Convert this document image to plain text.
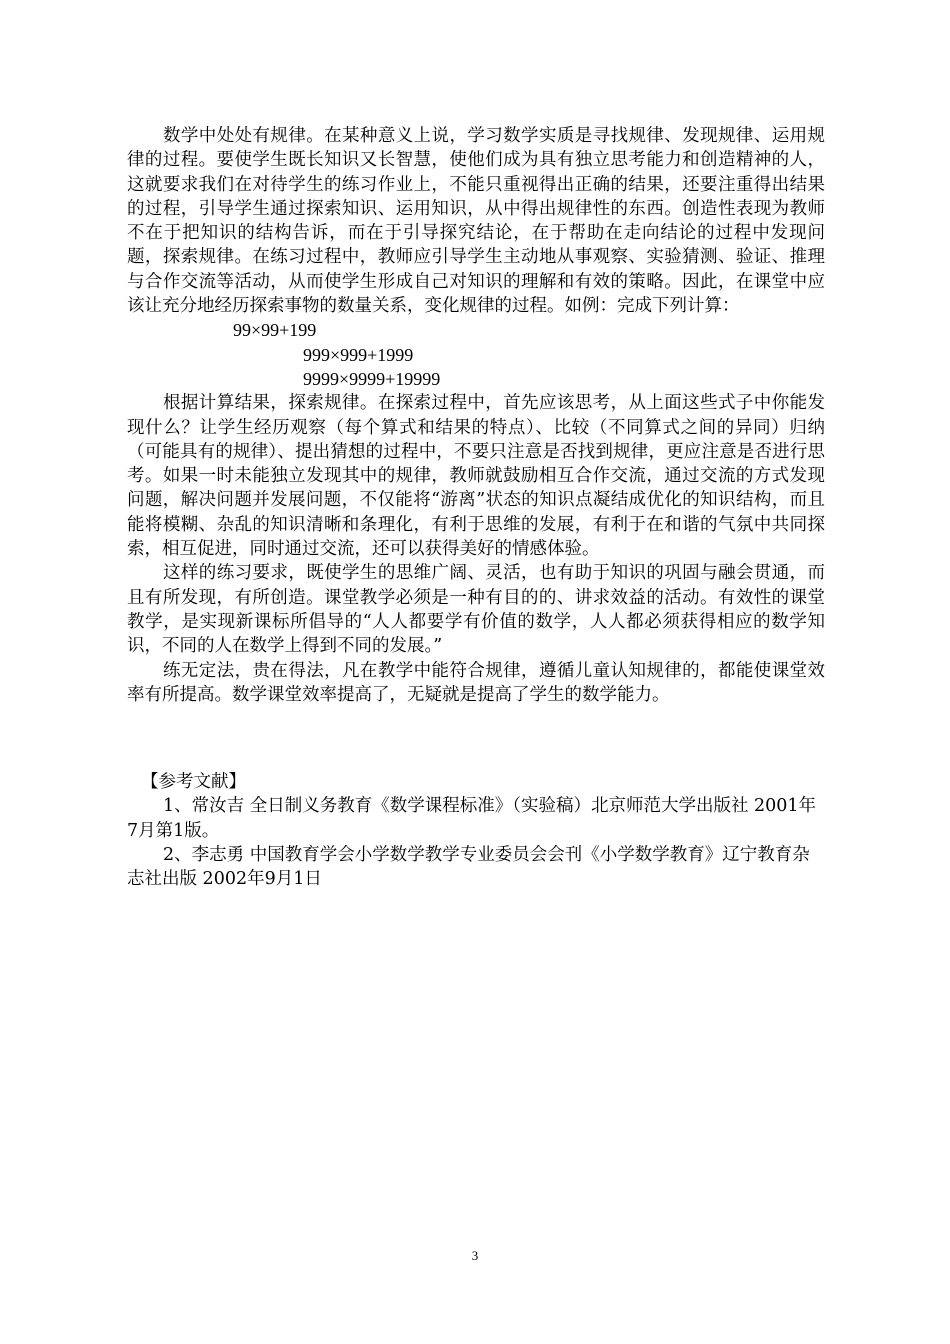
数学中处处有规律。在某种意义上说，学习数学实质是寻找规律、发现规律、运用规律的过程。要使学生既长知识又长智慧，使他们成为具有独立思考能力和创造精神的人，这就要求我们在对待学生的练习作业上，不能只重视得出正确的结果，还要注重得出结果的过程，引导学生通过探索知识、运用知识，从中得出规律性的东西。创造性表现为教师不在于把知识的结构告诉，而在于引导探究结论，在于帮助在走向结论的过程中发现问题，探索规律。在练习过程中，教师应引导学生主动地从事观察、实验猜测、验证、推理与合作交流等活动，从而使学生形成自己对知识的理解和有效的策略。因此，在课堂中应该让充分地经历探索事物的数量关系，变化规律的过程。如例：完成下列计算：

99×99+199

999×999+1999

9999×9999+19999

根据计算结果，探索规律。在探索过程中，首先应该思考，从上面这些式子中你能发现什么？让学生经历观察（每个算式和结果的特点）、比较（不同算式之间的异同）归纳（可能具有的规律）、提出猜想的过程中，不要只注意是否找到规律，更应注意是否进行思考。如果一时未能独立发现其中的规律，教师就鼓励相互合作交流，通过交流的方式发现问题，解决问题并发展问题，不仅能将“游离”状态的知识点凝结成优化的知识结构，而且能将模糊、杂乱的知识清晰和条理化，有利于思维的发展，有利于在和谐的气氛中共同探索，相互促进，同时通过交流，还可以获得美好的情感体验。

这样的练习要求，既使学生的思维广阔、灵活，也有助于知识的巩固与融会贯通，而且有所发现，有所创造。课堂教学必须是一种有目的的、讲求效益的活动。有效性的课堂教学，是实现新课标所倡导的“人人都要学有价值的数学，人人都必须获得相应的数学知识，不同的人在数学上得到不同的发展。”

练无定法，贵在得法，凡在教学中能符合规律，遵循儿童认知规律的，都能使课堂效率有所提高。数学课堂效率提高了，无疑就是提高了学生的数学能力。

【参考文献】

1、常汝吉 全日制义务教育《数学课程标准》（实验稿）北京师范大学出版社 2001年7月第1版。

2、李志勇 中国教育学会小学数学教学专业委员会会刊《小学数学教育》辽宁教育杂志社出版 2002年9月1日

3
